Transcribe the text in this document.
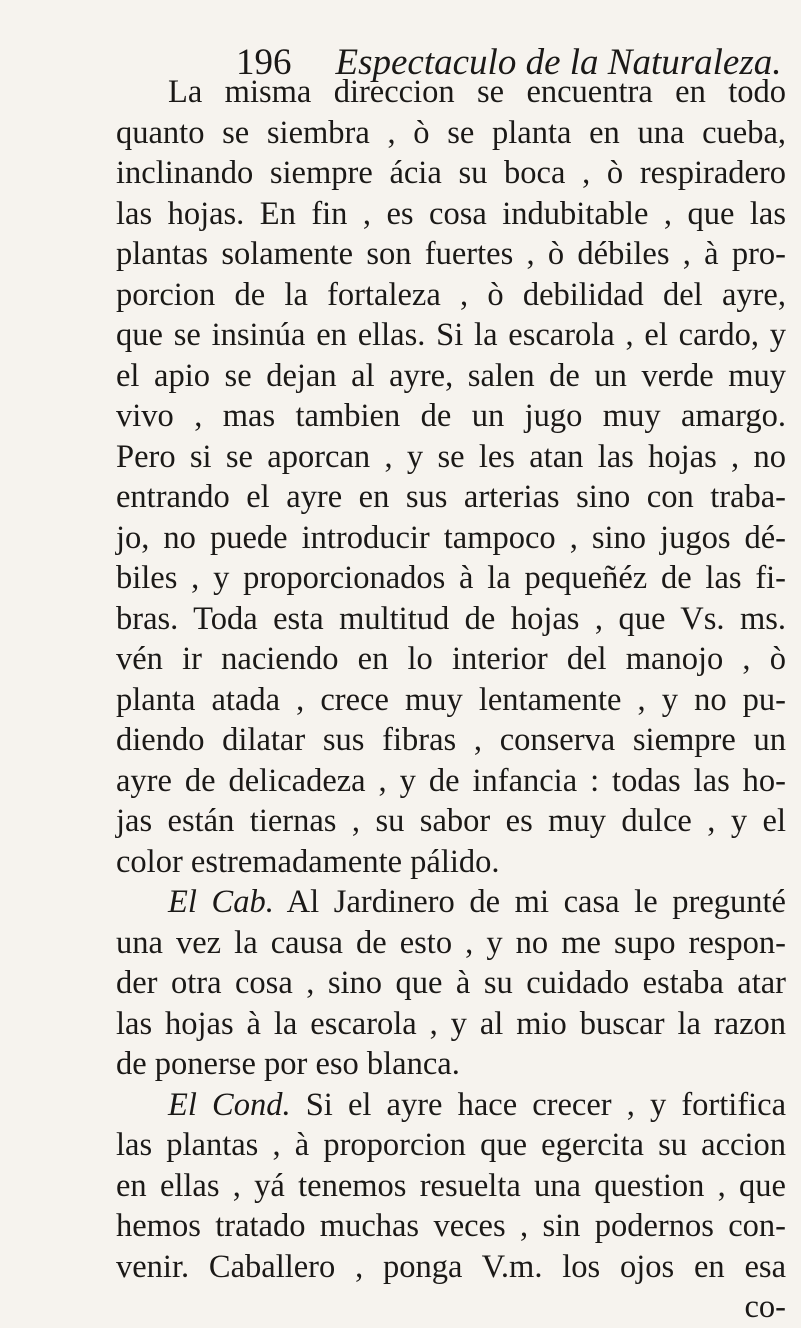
196 Espectaculo de la Naturaleza.
La misma direccion se encuentra en todo
quanto se siembra , ò se planta en una cueba,
inclinando siempre ácia su boca , ò respiradero
las hojas. En fin , es cosa indubitable , que las
plantas solamente son fuertes , ò débiles , à pro-
porcion de la fortaleza , ò debilidad del ayre,
que se insinúa en ellas. Si la escarola , el cardo, y
el apio se dejan al ayre, salen de un verde muy
vivo , mas tambien de un jugo muy amargo.
Pero si se aporcan , y se les atan las hojas , no
entrando el ayre en sus arterias sino con traba-
jo, no puede introducir tampoco , sino jugos dé-
biles , y proporcionados à la pequeñéz de las fi-
bras. Toda esta multitud de hojas , que Vs. ms.
vén ir naciendo en lo interior del manojo , ò
planta atada , crece muy lentamente , y no pu-
diendo dilatar sus fibras , conserva siempre un
ayre de delicadeza , y de infancia : todas las ho-
jas están tiernas , su sabor es muy dulce , y el
color estremadamente pálido.
El Cab. Al Jardinero de mi casa le pregunté
una vez la causa de esto , y no me supo respon-
der otra cosa , sino que à su cuidado estaba atar
las hojas à la escarola , y al mio buscar la razon
de ponerse por eso blanca.
El Cond. Si el ayre hace crecer , y fortifica
las plantas , à proporcion que egercita su accion
en ellas , yá tenemos resuelta una question , que
hemos tratado muchas veces , sin podernos con-
venir. Caballero , ponga V.m. los ojos en esa
co-
